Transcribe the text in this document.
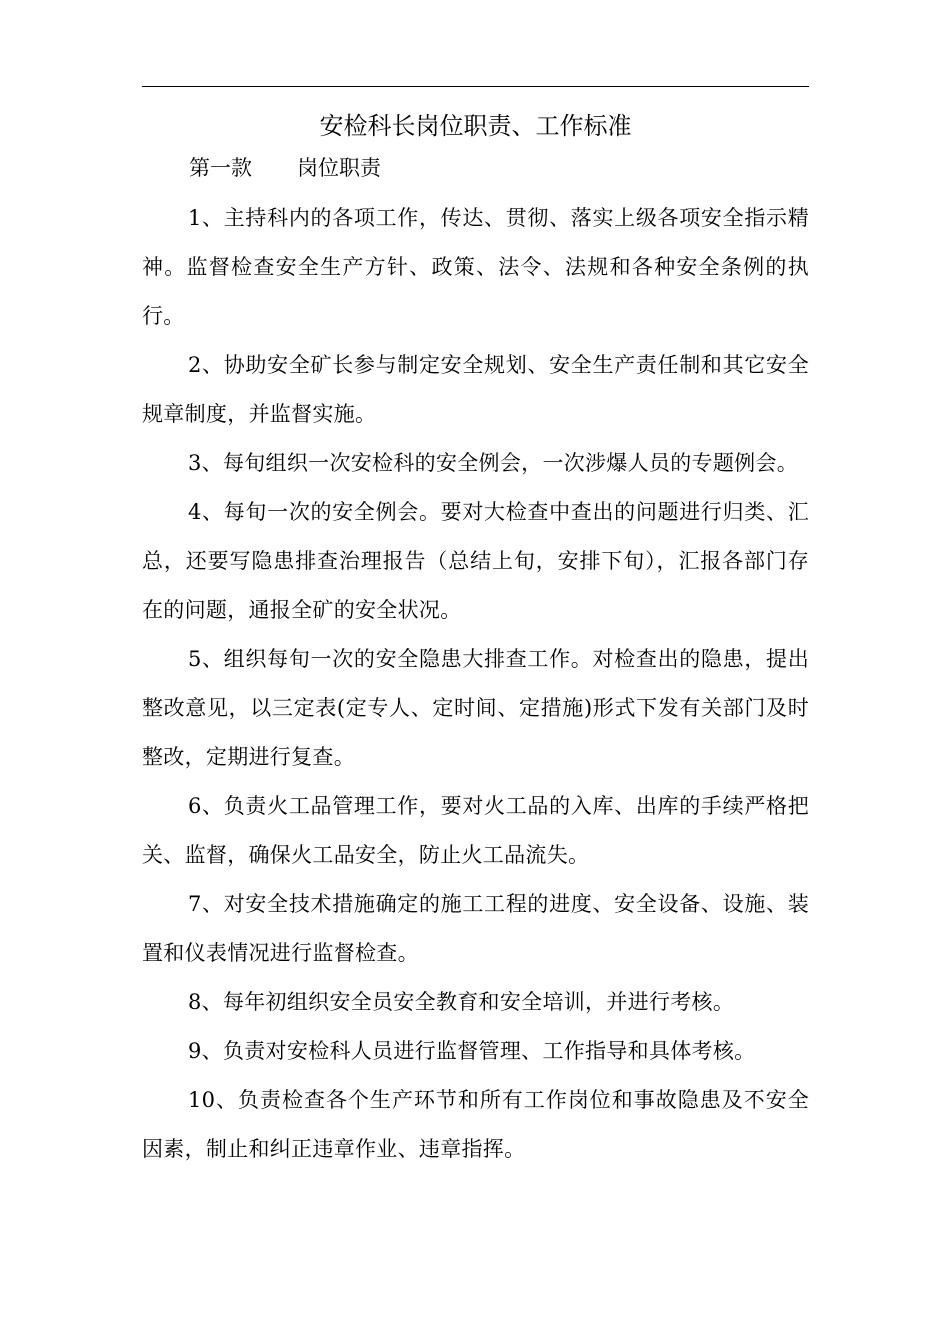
安检科长岗位职责、工作标准
第一款 岗位职责

1、主持科内的各项工作，传达、贯彻、落实上级各项安全指示精神。监督检查安全生产方针、政策、法令、法规和各种安全条例的执行。

2、协助安全矿长参与制定安全规划、安全生产责任制和其它安全规章制度，并监督实施。

3、每旬组织一次安检科的安全例会，一次涉爆人员的专题例会。

4、每旬一次的安全例会。要对大检查中查出的问题进行归类、汇总，还要写隐患排查治理报告（总结上旬，安排下旬），汇报各部门存在的问题，通报全矿的安全状况。

5、组织每旬一次的安全隐患大排查工作。对检查出的隐患，提出整改意见，以三定表(定专人、定时间、定措施)形式下发有关部门及时整改，定期进行复查。

6、负责火工品管理工作，要对火工品的入库、出库的手续严格把关、监督，确保火工品安全，防止火工品流失。

7、对安全技术措施确定的施工工程的进度、安全设备、设施、装置和仪表情况进行监督检查。

8、每年初组织安全员安全教育和安全培训，并进行考核。

9、负责对安检科人员进行监督管理、工作指导和具体考核。

10、负责检查各个生产环节和所有工作岗位和事故隐患及不安全因素，制止和纠正违章作业、违章指挥。
